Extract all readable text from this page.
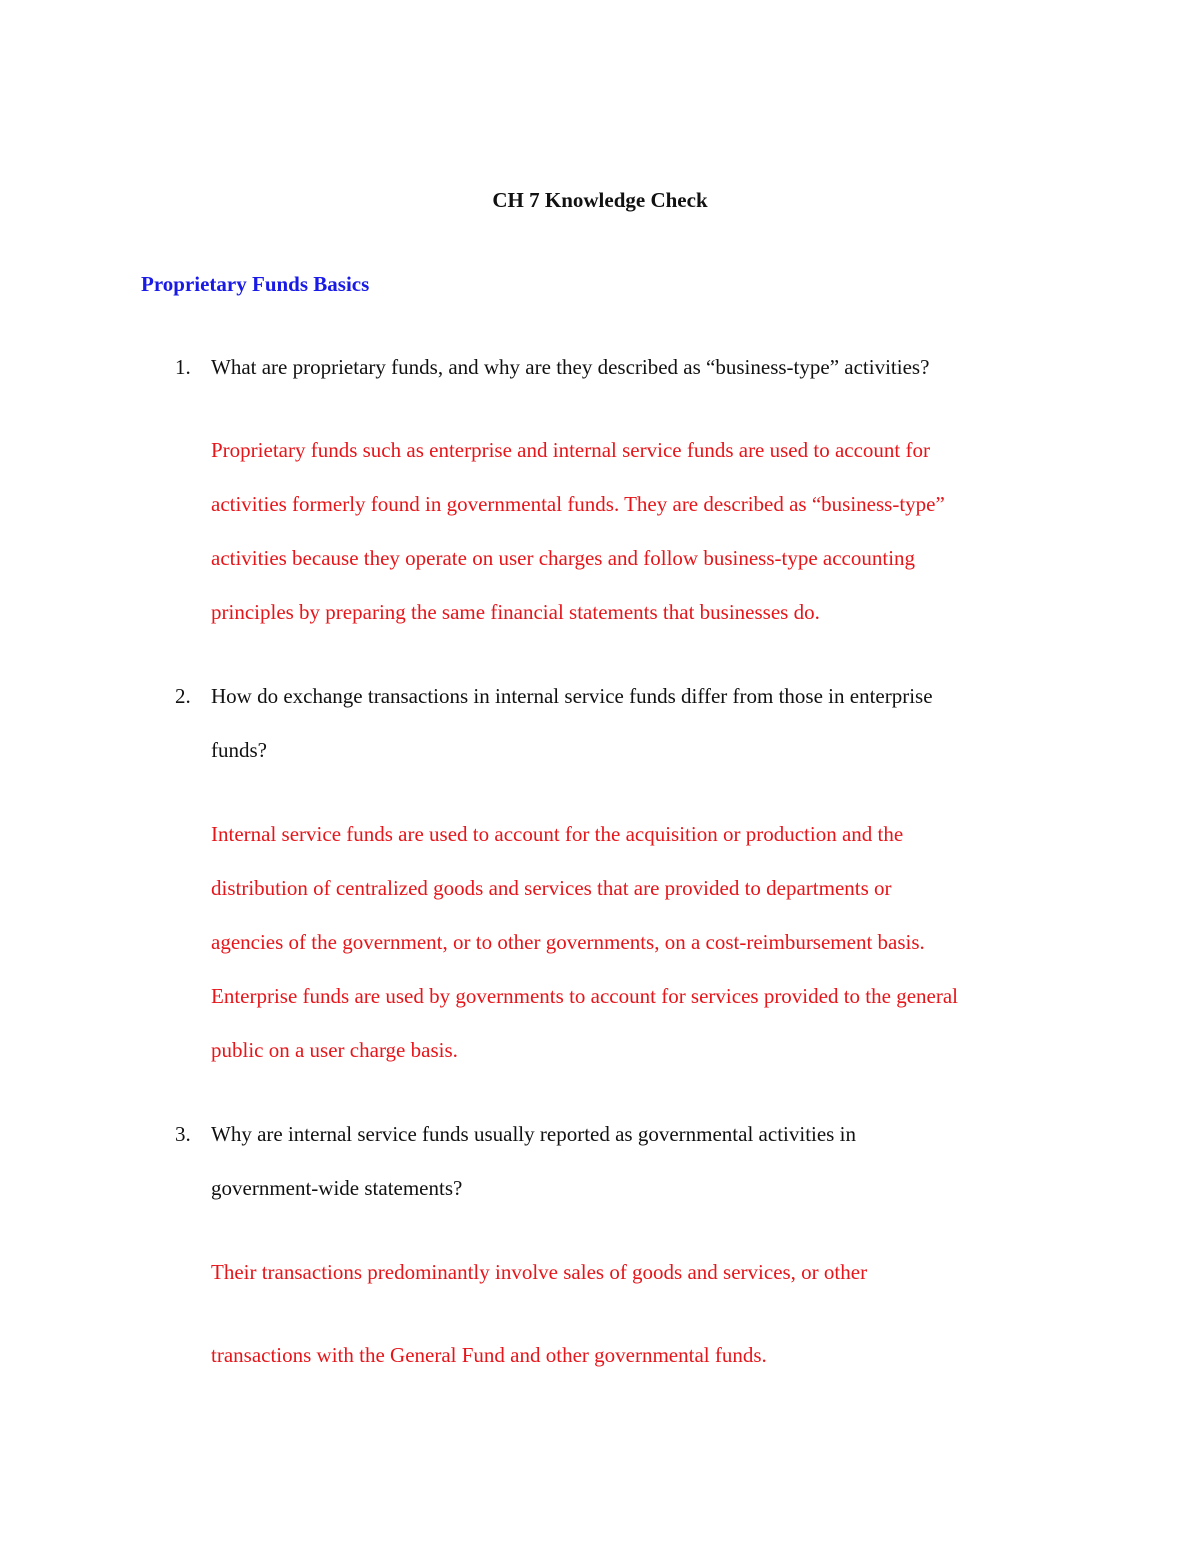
CH 7 Knowledge Check
Proprietary Funds Basics
1. What are proprietary funds, and why are they described as “business-type” activities?
Proprietary funds such as enterprise and internal service funds are used to account for
activities formerly found in governmental funds. They are described as “business-type”
activities because they operate on user charges and follow business-type accounting
principles by preparing the same financial statements that businesses do.
2. How do exchange transactions in internal service funds differ from those in enterprise
funds?
Internal service funds are used to account for the acquisition or production and the
distribution of centralized goods and services that are provided to departments or
agencies of the government, or to other governments, on a cost-reimbursement basis.
Enterprise funds are used by governments to account for services provided to the general
public on a user charge basis.
3. Why are internal service funds usually reported as governmental activities in
government-wide statements?
Their transactions predominantly involve sales of goods and services, or other
transactions with the General Fund and other governmental funds.
